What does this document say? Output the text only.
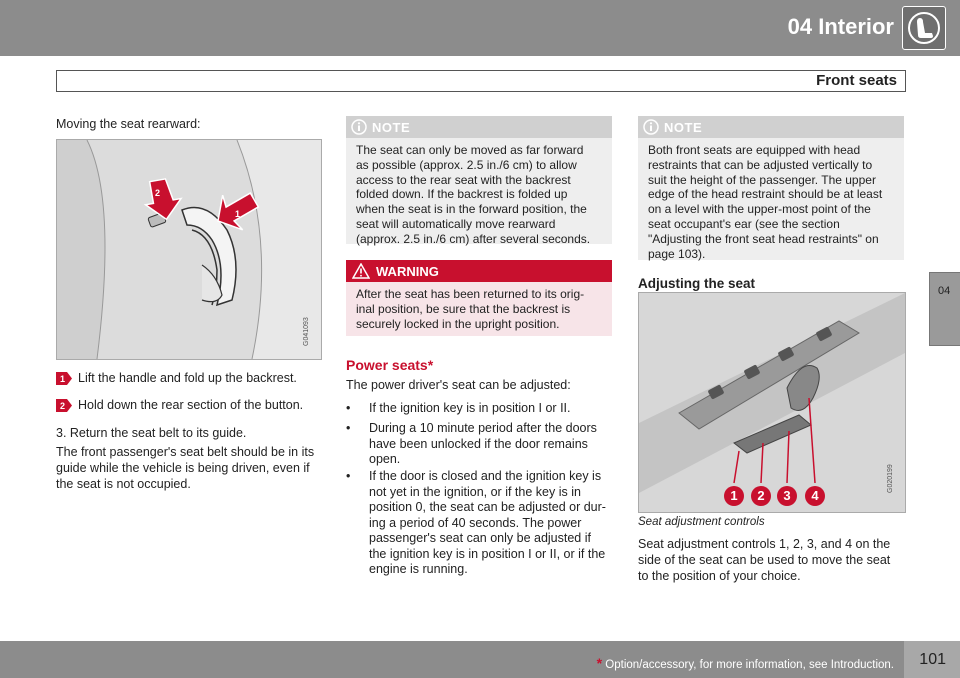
04 Interior
Front seats
04
Moving the seat rearward:
2
1
G041093
1 Lift the handle and fold up the backrest.
2 Hold down the rear section of the button.
3. Return the seat belt to its guide.
The front passenger's seat belt should be in its
guide while the vehicle is being driven, even if
the seat is not occupied.
NOTE
The seat can only be moved as far forward
as possible (approx. 2.5 in./6 cm) to allow
access to the rear seat with the backrest
folded down. If the backrest is folded up
when the seat is in the forward position, the
seat will automatically move rearward
(approx. 2.5 in./6 cm) after several seconds.
WARNING
After the seat has been returned to its orig-
inal position, be sure that the backrest is
securely locked in the upright position.
Power seats*
The power driver's seat can be adjusted:
• If the ignition key is in position I or II.
• During a 10 minute period after the doors
have been unlocked if the door remains
open.
• If the door is closed and the ignition key is
not yet in the ignition, or if the key is in
position 0, the seat can be adjusted or dur-
ing a period of 40 seconds. The power
passenger's seat can only be adjusted if
the ignition key is in position I or II, or if the
engine is running.
NOTE
Both front seats are equipped with head
restraints that can be adjusted vertically to
suit the height of the passenger. The upper
edge of the head restraint should be at least
on a level with the upper-most point of the
seat occupant's ear (see the section
"Adjusting the front seat head restraints" on
page 103).
Adjusting the seat
G020199
1	2	3	4
Seat adjustment controls
Seat adjustment controls 1, 2, 3, and 4 on the
side of the seat can be used to move the seat
to the position of your choice.
* Option/accessory, for more information, see Introduction. 101
